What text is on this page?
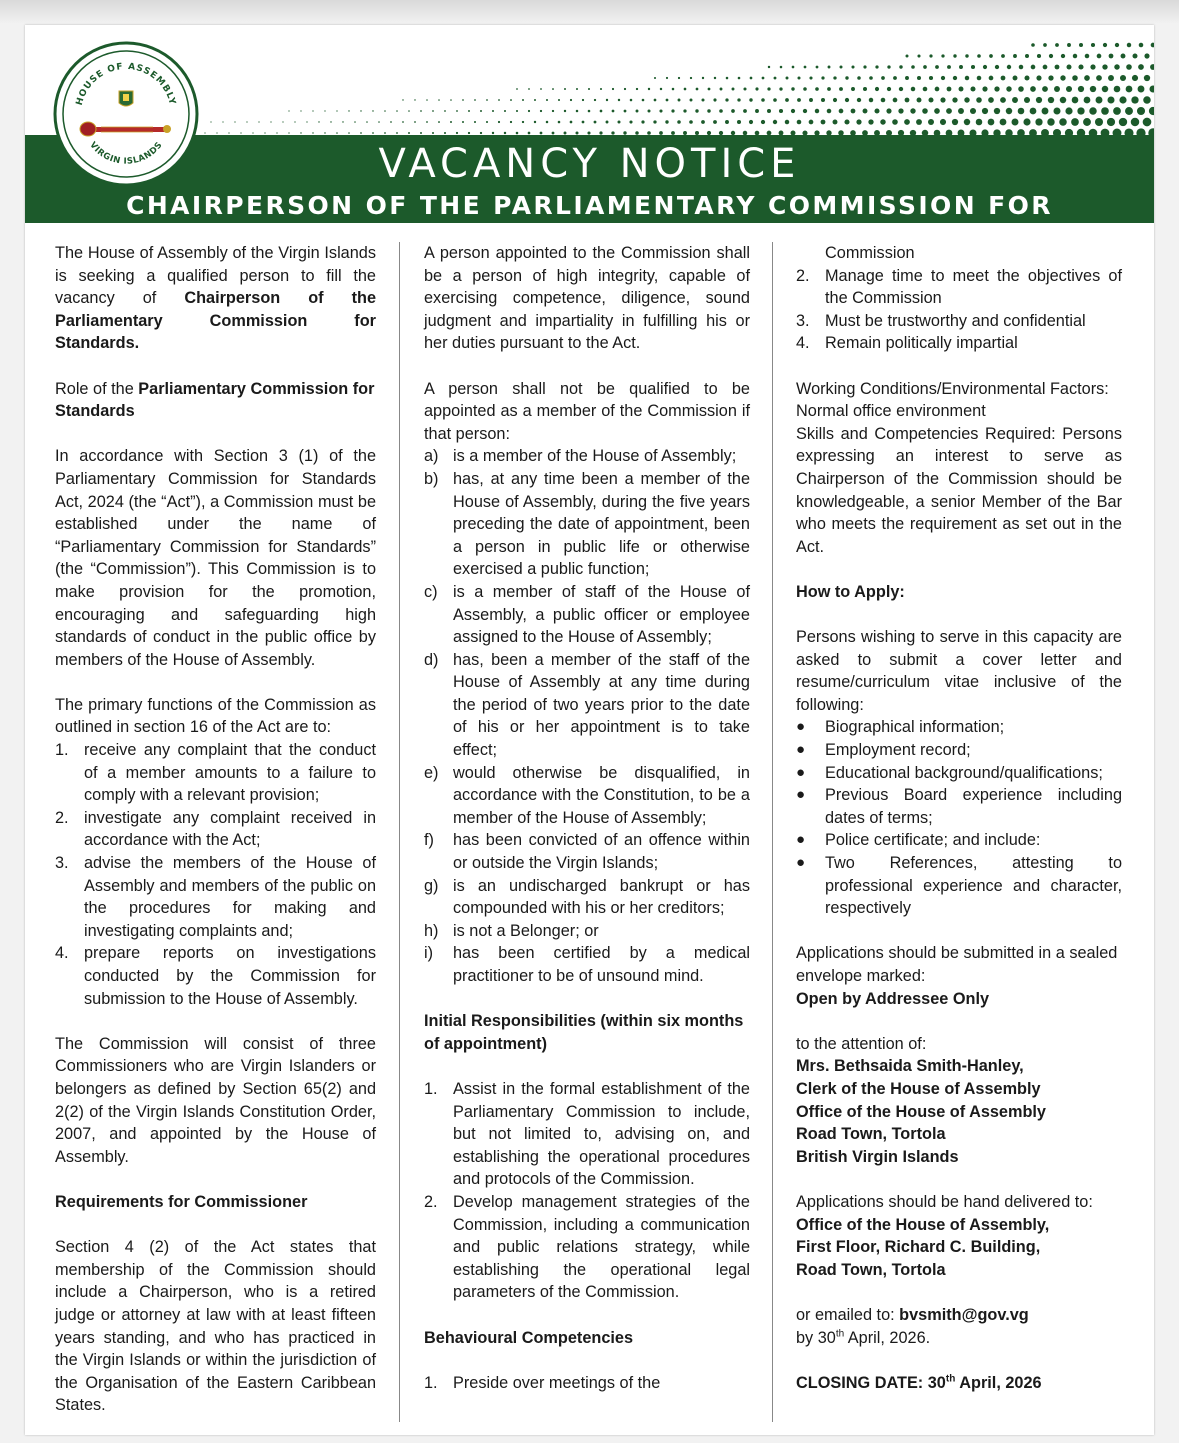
VACANCY NOTICE
CHAIRPERSON OF THE PARLIAMENTARY COMMISSION FOR STANDARDS
HOUSE OF ASSEMBLY
VIRGIN ISLANDS

The House of Assembly of the Virgin Islands is seeking a qualified person to fill the vacancy of Chairperson of the Parliamentary Commission for Standards.

Role of the Parliamentary Commission for Standards

In accordance with Section 3 (1) of the Parliamentary Commission for Standards Act, 2024 (the “Act”), a Commission must be established under the name of “Parliamentary Commission for Standards” (the “Commission”). This Commission is to make provision for the promotion, encouraging and safeguarding high standards of conduct in the public office by members of the House of Assembly.

The primary functions of the Commission as outlined in section 16 of the Act are to:

1. receive any complaint that the conduct of a member amounts to a failure to comply with a relevant provision;
2. investigate any complaint received in accordance with the Act;
3. advise the members of the House of Assembly and members of the public on the procedures for making and investigating complaints and;
4. prepare reports on investigations conducted by the Commission for submission to the House of Assembly.

The Commission will consist of three Commissioners who are Virgin Islanders or belongers as defined by Section 65(2) and 2(2) of the Virgin Islands Constitution Order, 2007, and appointed by the House of Assembly.

Requirements for Commissioner

Section 4 (2) of the Act states that membership of the Commission should include a Chairperson, who is a retired judge or attorney at law with at least fifteen years standing, and who has practiced in the Virgin Islands or within the jurisdiction of the Organisation of the Eastern Caribbean States.

A person appointed to the Commission shall be a person of high integrity, capable of exercising competence, diligence, sound judgment and impartiality in fulfilling his or her duties pursuant to the Act.

A person shall not be qualified to be appointed as a member of the Commission if that person:

a) is a member of the House of Assembly;
b) has, at any time been a member of the House of Assembly, during the five years preceding the date of appointment, been a person in public life or otherwise exercised a public function;
c) is a member of staff of the House of Assembly, a public officer or employee assigned to the House of Assembly;
d) has, been a member of the staff of the House of Assembly at any time during the period of two years prior to the date of his or her appointment is to take effect;
e) would otherwise be disqualified, in accordance with the Constitution, to be a member of the House of Assembly;
f) has been convicted of an offence within or outside the Virgin Islands;
g) is an undischarged bankrupt or has compounded with his or her creditors;
h) is not a Belonger; or
i) has been certified by a medical practitioner to be of unsound mind.

Initial Responsibilities (within six months of appointment)

1. Assist in the formal establishment of the Parliamentary Commission to include, but not limited to, advising on, and establishing the operational procedures and protocols of the Commission.
2. Develop management strategies of the Commission, including a communication and public relations strategy, while establishing the operational legal parameters of the Commission.

Behavioural Competencies

1. Preside over meetings of the
Commission
2. Manage time to meet the objectives of the Commission
3. Must be trustworthy and confidential
4. Remain politically impartial

Working Conditions/Environmental Factors:

Normal office environment

Skills and Competencies Required: Persons expressing an interest to serve as Chairperson of the Commission should be knowledgeable, a senior Member of the Bar who meets the requirement as set out in the Act.

How to Apply:

Persons wishing to serve in this capacity are asked to submit a cover letter and resume/curriculum vitae inclusive of the following:

● Biographical information;
● Employment record;
● Educational background/qualifications;
● Previous Board experience including dates of terms;
● Police certificate; and include:
● Two References, attesting to professional experience and character, respectively

Applications should be submitted in a sealed envelope marked:

Open by Addressee Only

to the attention of:

Mrs. Bethsaida Smith-Hanley,
Clerk of the House of Assembly
Office of the House of Assembly
Road Town, Tortola
British Virgin Islands

Applications should be hand delivered to:

Office of the House of Assembly,
First Floor, Richard C. Building,
Road Town, Tortola

or emailed to: bvsmith@gov.vg

by 30th April, 2026.

CLOSING DATE: 30th April, 2026
